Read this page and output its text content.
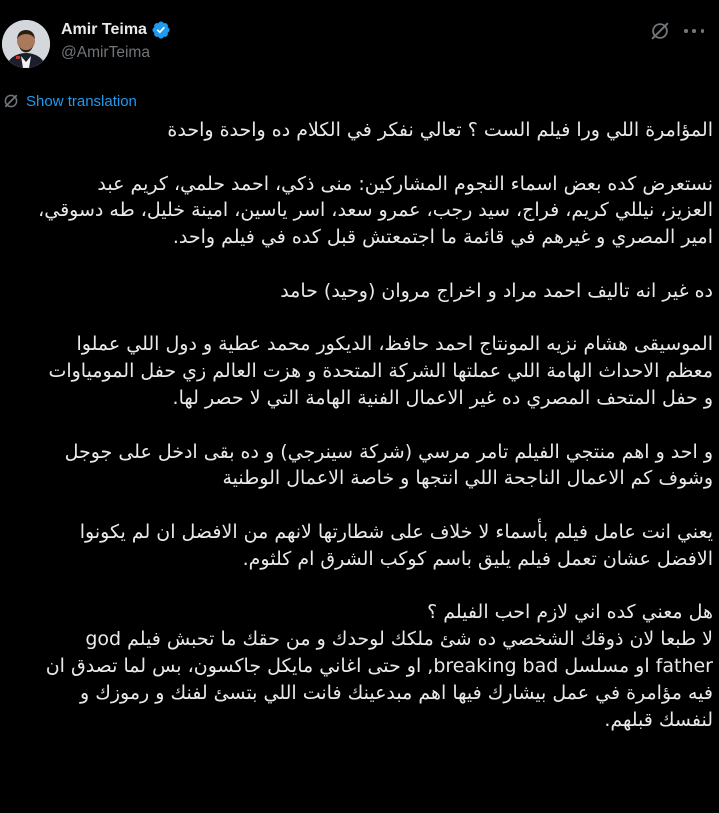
Amir Teima
@AmirTeima
Show translation
المؤامرة اللي ورا فيلم الست ؟ تعالي نفكر في الكلام ده واحدة واحدة
نستعرض كده بعض اسماء النجوم المشاركين: منى ذكي، احمد حلمي، كريم عبد
العزيز، نيللي كريم، فراج، سيد رجب، عمرو سعد، اسر ياسين، امينة خليل، طه دسوقي،
امير المصري و غيرهم في قائمة ما اجتمعتش قبل كده في فيلم واحد.
ده غير انه تاليف احمد مراد و اخراج مروان (وحيد) حامد
الموسيقى هشام نزيه المونتاج احمد حافظ، الديكور محمد عطية و دول اللي عملوا
معظم الاحداث الهامة اللي عملتها الشركة المتحدة و هزت العالم زي حفل المومياوات
و حفل المتحف المصري ده غير الاعمال الفنية الهامة التي لا حصر لها.
و احد و اهم منتجي الفيلم تامر مرسي (شركة سينرجي) و ده بقى ادخل على جوجل
وشوف كم الاعمال الناجحة اللي انتجها و خاصة الاعمال الوطنية
يعني انت عامل فيلم بأسماء لا خلاف على شطارتها لانهم من الافضل ان لم يكونوا
الافضل عشان تعمل فيلم يليق باسم كوكب الشرق ام كلثوم.
هل معني كده اني لازم احب الفيلم ؟
لا طبعا لان ذوقك الشخصي ده شئ ملكك لوحدك و من حقك ما تحبش فيلم god
father او مسلسل breaking bad, او حتى اغاني مايكل جاكسون، بس لما تصدق ان
فيه مؤامرة في عمل بيشارك فيها اهم مبدعينك فانت اللي بتسئ لفنك و رموزك و
لنفسك قبلهم.
